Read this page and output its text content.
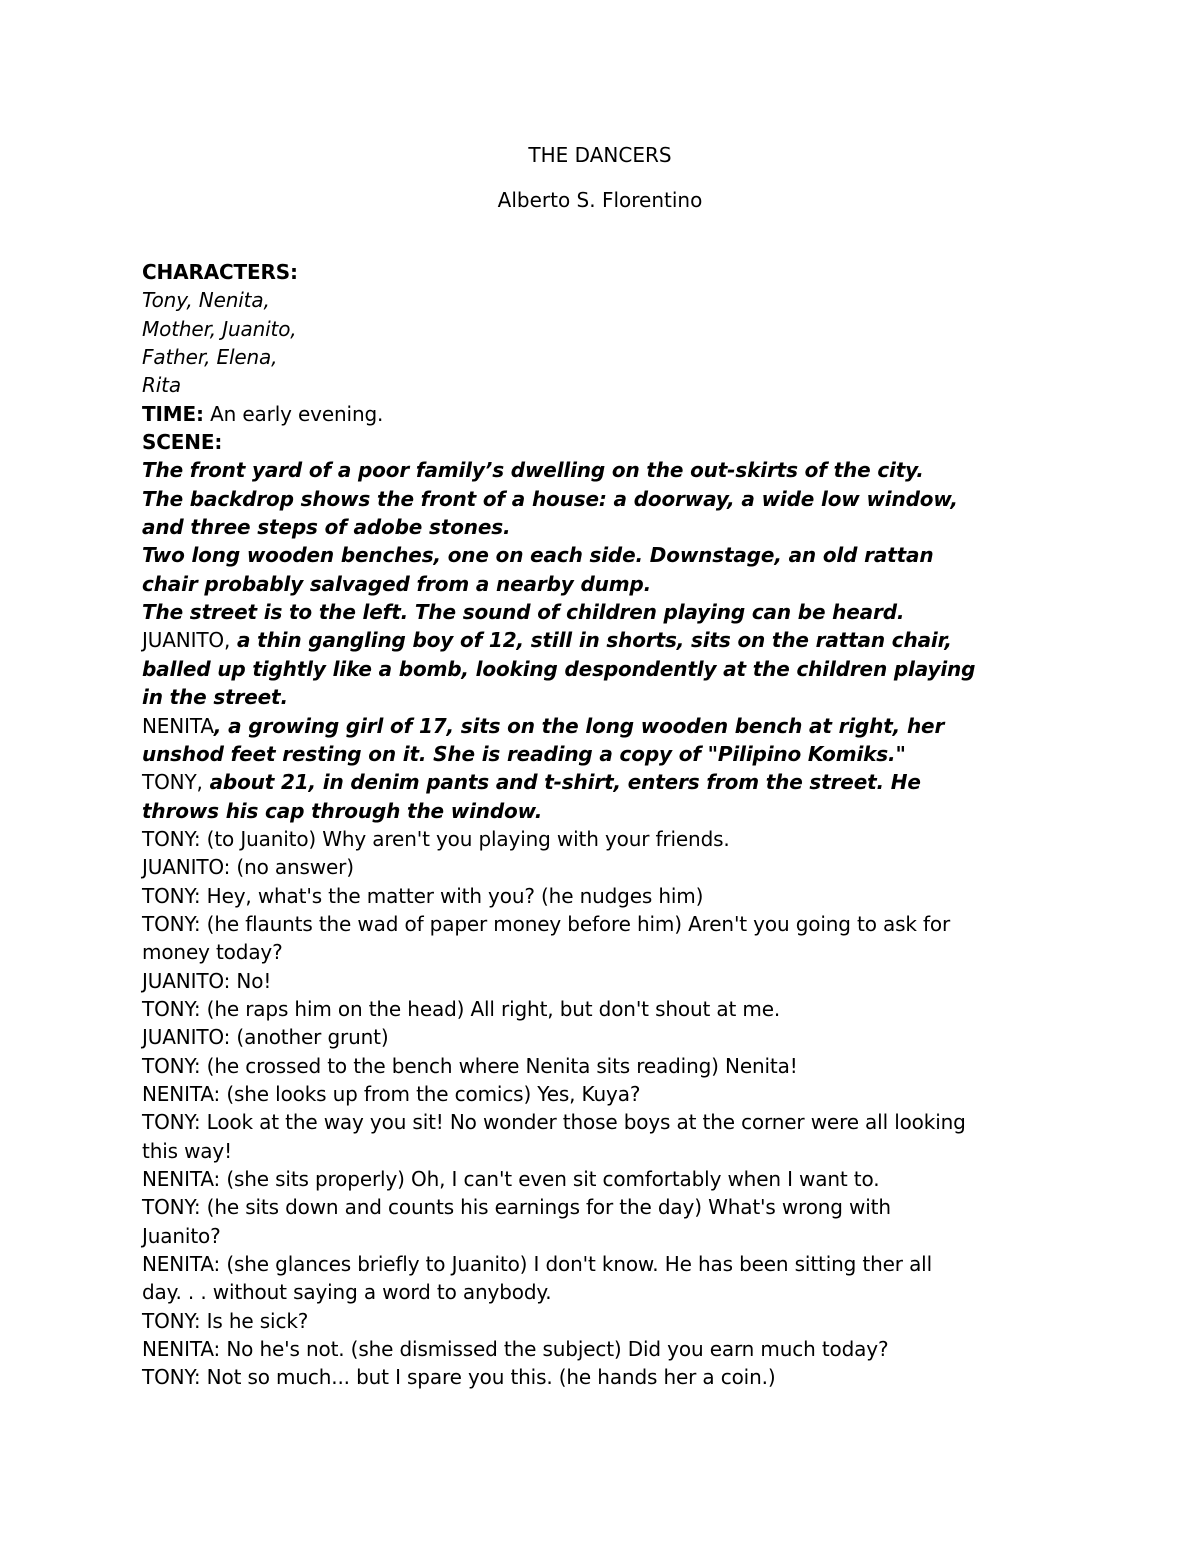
THE DANCERS
Alberto S. Florentino
CHARACTERS:
Tony, Nenita,
Mother, Juanito,
Father, Elena,
Rita
TIME: An early evening.
SCENE:
The front yard of a poor family’s dwelling on the out-skirts of the city.
The backdrop shows the front of a house: a doorway, a wide low window,
and three steps of adobe stones.
Two long wooden benches, one on each side. Downstage, an old rattan
chair probably salvaged from a nearby dump.
The street is to the left. The sound of children playing can be heard.
JUANITO, a thin gangling boy of 12, still in shorts, sits on the rattan chair,
balled up tightly like a bomb, looking despondently at the children playing
in the street.
NENITA, a growing girl of 17, sits on the long wooden bench at right, her
unshod feet resting on it. She is reading a copy of "Pilipino Komiks."
TONY, about 21, in denim pants and t-shirt, enters from the street. He
throws his cap through the window.
TONY: (to Juanito) Why aren't you playing with your friends.
JUANITO: (no answer)
TONY: Hey, what's the matter with you? (he nudges him)
TONY: (he flaunts the wad of paper money before him) Aren't you going to ask for
money today?
JUANITO: No!
TONY: (he raps him on the head) All right, but don't shout at me.
JUANITO: (another grunt)
TONY: (he crossed to the bench where Nenita sits reading) Nenita!
NENITA: (she looks up from the comics) Yes, Kuya?
TONY: Look at the way you sit! No wonder those boys at the corner were all looking
this way!
NENITA: (she sits properly) Oh, I can't even sit comfortably when I want to.
TONY: (he sits down and counts his earnings for the day) What's wrong with
Juanito?
NENITA: (she glances briefly to Juanito) I don't know. He has been sitting ther all
day. . . without saying a word to anybody.
TONY: Is he sick?
NENITA: No he's not. (she dismissed the subject) Did you earn much today?
TONY: Not so much... but I spare you this. (he hands her a coin.)
